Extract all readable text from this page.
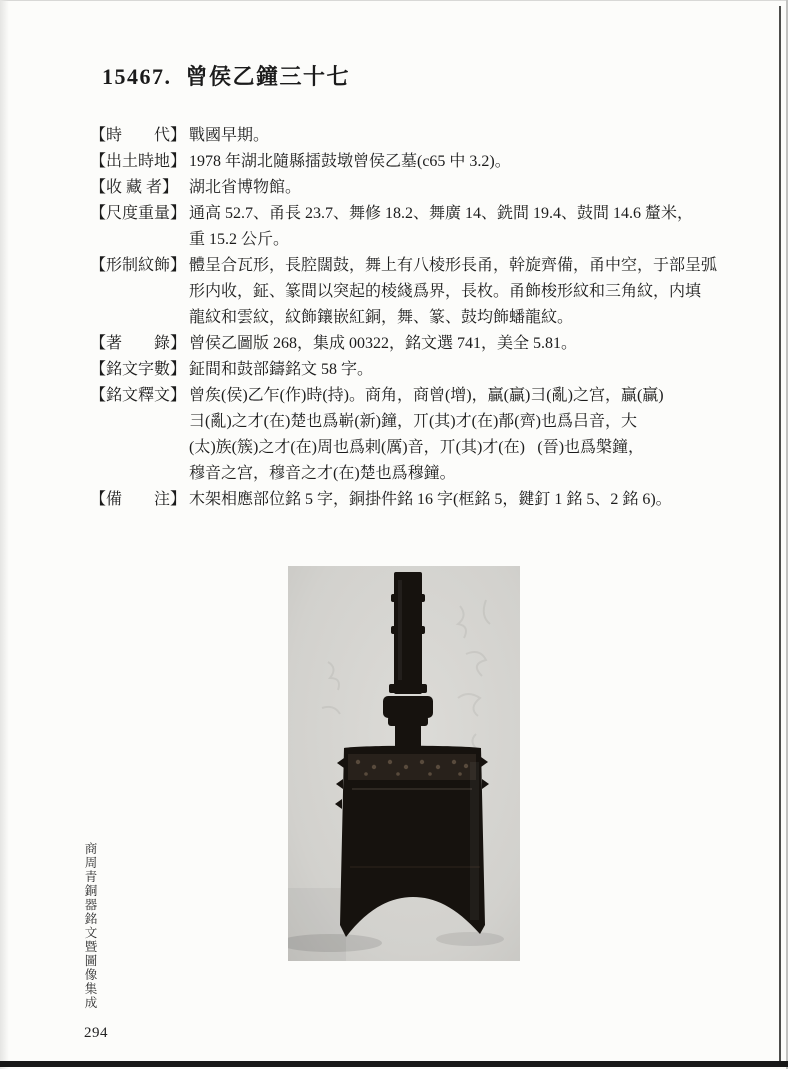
15467.  曾侯乙鐘三十七
【時　　代】 戰國早期。
【出土時地】 1978 年湖北隨縣擂鼓墩曾侯乙墓(c65 中 3.2)。
【收 藏 者】 湖北省博物館。
【尺度重量】 通高 52.7、甬長 23.7、舞修 18.2、舞廣 14、銑間 19.4、鼓間 14.6 釐米，
重 15.2 公斤。
【形制紋飾】 體呈合瓦形，長腔闊鼓，舞上有八棱形長甬，幹旋齊備，甬中空，于部呈弧
形内收，鉦、篆間以突起的棱綫爲界，長枚。甬飾梭形紋和三角紋，内填
龍紋和雲紋，紋飾鑲嵌紅銅，舞、篆、鼓均飾蟠龍紋。
【著　　錄】 曾侯乙圖版 268，集成 00322，銘文選 741，美全 5.81。
【銘文字數】 鉦間和鼓部鑄銘文 58 字。
【銘文釋文】 曾矦(侯)乙乍(作)時(持)。商角，商曾(增)，贏(贏)彐(亂)之宫，贏(贏)
彐(亂)之才(在)楚也爲嶄(新)鐘，丌(其)才(在)郬(齊)也爲吕音，大
(太)族(簇)之才(在)周也爲剌(厲)音，丌(其)才(在)𣈆(晉)也爲槃鐘，
穆音之宫，穆音之才(在)楚也爲穆鐘。
【備　　注】 木架相應部位銘 5 字，銅掛件銘 16 字(框銘 5，鍵釘 1 銘 5、2 銘 6)。
商周青銅器銘文暨圖像集成
294
